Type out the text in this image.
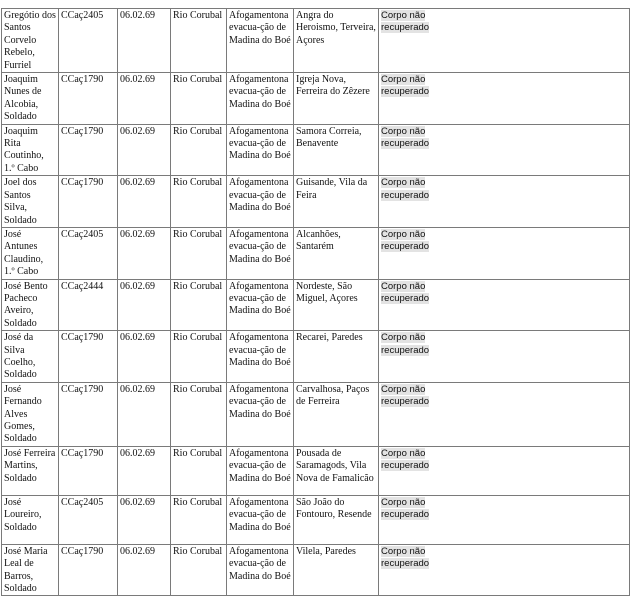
Gregótio dos Santos Corvelo Rebelo, Furriel	CCaç2405	06.02.69	Rio Corubal	Afogamentona evacua-ção de Madina do Boé	Angra do Heroismo, Terveira, Açores	Corpo não
recuperado

Joaquim Nunes de Alcobia, Soldado	CCaç1790	06.02.69	Rio Corubal	Afogamentona evacua-ção de Madina do Boé	Igreja Nova, Ferreira do Zêzere	Corpo não
recuperado

Joaquim Rita Coutinho, 1.º Cabo	CCaç1790	06.02.69	Rio Corubal	Afogamentona evacua-ção de Madina do Boé	Samora Correia, Benavente	Corpo não
recuperado

Joel dos Santos Silva, Soldado	CCaç1790	06.02.69	Rio Corubal	Afogamentona evacua-ção de Madina do Boé	Guisande, Vila da Feira	Corpo não
recuperado

José Antunes Claudino, 1.º Cabo	CCaç2405	06.02.69	Rio Corubal	Afogamentona evacua-ção de Madina do Boé	Alcanhões, Santarém	Corpo não
recuperado

José Bento Pacheco Aveiro, Soldado	CCaç2444	06.02.69	Rio Corubal	Afogamentona evacua-ção de Madina do Boé	Nordeste, São Miguel, Açores	Corpo não
recuperado

José da Silva Coelho, Soldado	CCaç1790	06.02.69	Rio Corubal	Afogamentona evacua-ção de Madina do Boé	Recarei, Paredes	Corpo não
recuperado

José Fernando Alves Gomes, Soldado	CCaç1790	06.02.69	Rio Corubal	Afogamentona evacua-ção de Madina do Boé	Carvalhosa, Paços de Ferreira	Corpo não
recuperado

José Ferreira Martins, Soldado	CCaç1790	06.02.69	Rio Corubal	Afogamentona evacua-ção de Madina do Boé	Pousada de Saramagods, Vila Nova de Famalicão	Corpo não
recuperado

José Loureiro, Soldado	CCaç2405	06.02.69	Rio Corubal	Afogamentona evacua-ção de Madina do Boé	São João do Fontouro, Resende	Corpo não
recuperado

José Maria Leal de Barros, Soldado	CCaç1790	06.02.69	Rio Corubal	Afogamentona evacua-ção de Madina do Boé	Vilela, Paredes	Corpo não
recuperado
